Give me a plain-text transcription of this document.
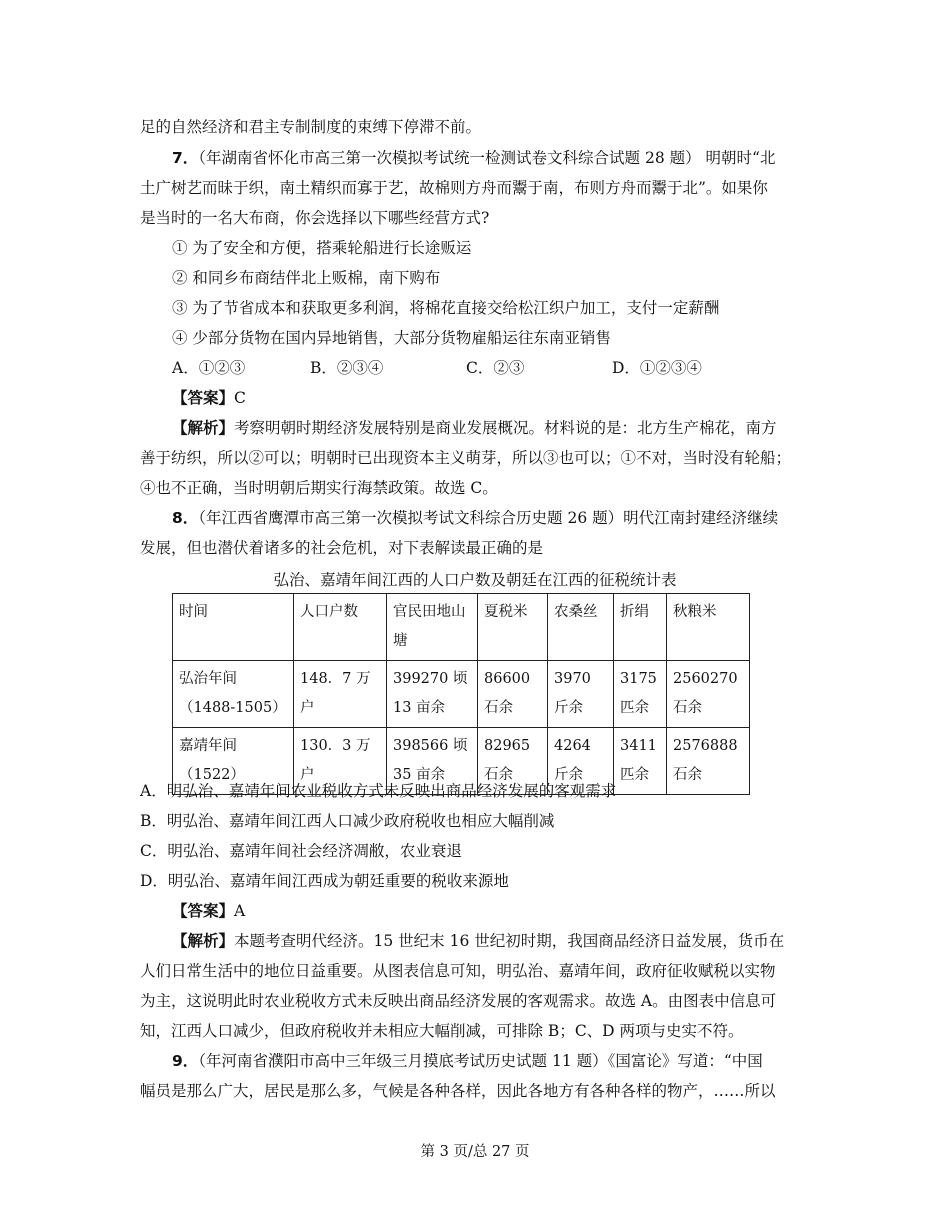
足的自然经济和君主专制制度的束缚下停滞不前。
7．（年湖南省怀化市高三第一次模拟考试统一检测试卷文科综合试题 28 题） 明朝时“北
土广树艺而昧于织，南土精织而寡于艺，故棉则方舟而鬻于南，布则方舟而鬻于北”。如果你
是当时的一名大布商，你会选择以下哪些经营方式?
① 为了安全和方便，搭乘轮船进行长途贩运
② 和同乡布商结伴北上贩棉，南下购布
③ 为了节省成本和获取更多利润，将棉花直接交给松江织户加工，支付一定薪酬
④ 少部分货物在国内异地销售，大部分货物雇船运往东南亚销售
A．①②③	B．②③④	C．②③	D．①②③④
【答案】C
【解析】考察明朝时期经济发展特别是商业发展概况。材料说的是：北方生产棉花，南方
善于纺织，所以②可以；明朝时已出现资本主义萌芽，所以③也可以；①不对，当时没有轮船；
④也不正确，当时明朝后期实行海禁政策。故选 C。
8．（年江西省鹰潭市高三第一次模拟考试文科综合历史题 26 题）明代江南封建经济继续
发展，但也潜伏着诸多的社会危机，对下表解读最正确的是
弘治、嘉靖年间江西的人口户数及朝廷在江西的征税统计表
时间	人口户数	官民田地山塘	夏税米	农桑丝	折绢	秋粮米
弘治年间（1488-1505）	148．7 万户	399270 顷 13 亩余	86600 石余	3970 斤余	3175 匹余	2560270 石余
嘉靖年间（1522）	130．3 万户	398566 顷 35 亩余	82965 石余	4264 斤余	3411 匹余	2576888 石余
A．明弘治、嘉靖年间农业税收方式未反映出商品经济发展的客观需求
B．明弘治、嘉靖年间江西人口减少政府税收也相应大幅削减
C．明弘治、嘉靖年间社会经济凋敝，农业衰退
D．明弘治、嘉靖年间江西成为朝廷重要的税收来源地
【答案】A
【解析】本题考查明代经济。15 世纪末 16 世纪初时期，我国商品经济日益发展，货币在
人们日常生活中的地位日益重要。从图表信息可知，明弘治、嘉靖年间，政府征收赋税以实物
为主，这说明此时农业税收方式未反映出商品经济发展的客观需求。故选 A。由图表中信息可
知，江西人口减少，但政府税收并未相应大幅削减，可排除 B；C、D 两项与史实不符。
9．（年河南省濮阳市高中三年级三月摸底考试历史试题 11 题）《国富论》写道：“中国
幅员是那么广大，居民是那么多，气候是各种各样，因此各地方有各种各样的物产，……所以
第 3 页/总 27 页
